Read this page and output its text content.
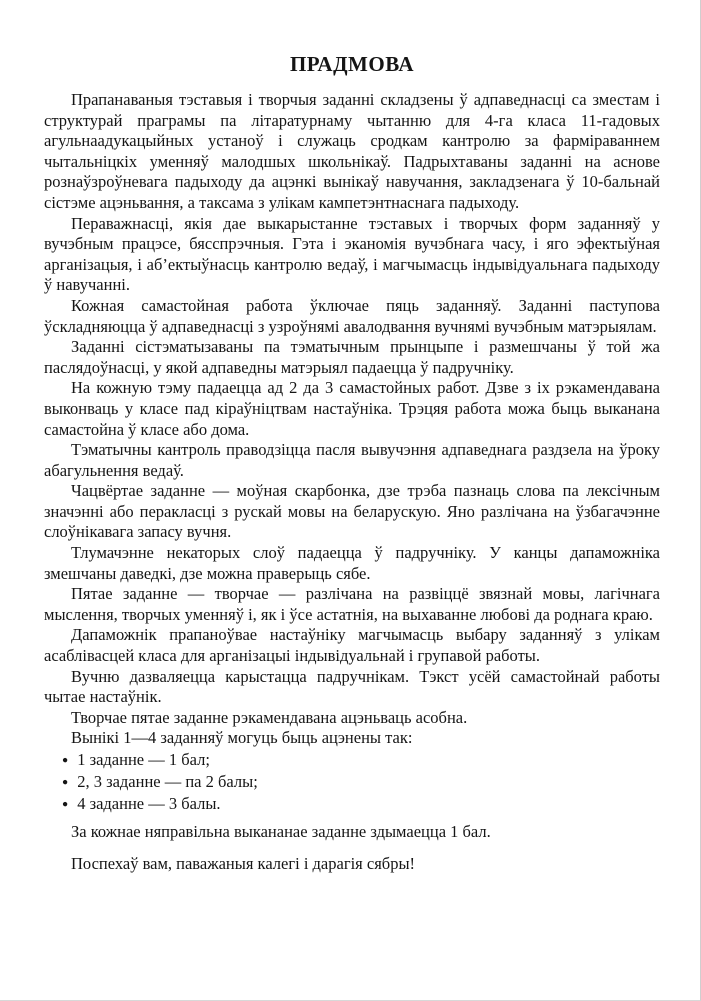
ПРАДМОВА

Прапанаваныя тэставыя і творчыя заданні складзены ў адпаведнасці са зместам і структурай праграмы па літаратурнаму чытанню для 4-га класа 11-гадовых агульнаадукацыйных устаноў і служаць сродкам кантролю за фарміраваннем чытальніцкіх уменняў малодшых школьнікаў. Падрыхтаваны заданні на аснове рознаўзроўневага падыходу да ацэнкі вынікаў навучання, закладзенага ў 10-бальнай сістэме ацэньвання, а таксама з улікам кампетэнтнаснага падыходу.

Пераважнасці, якія дае выкарыстанне тэставых і творчых форм заданняў у вучэбным працэсе, бясспрэчныя. Гэта і эканомія вучэбнага часу, і яго эфектыўная арганізацыя, і аб’ектыўнасць кантролю ведаў, і магчымасць індывідуальнага падыходу ў навучанні.

Кожная самастойная работа ўключае пяць заданняў. Заданні паступова ўскладняюцца ў адпаведнасці з узроўнямі авалодвання вучнямі вучэбным матэрыялам.

Заданні сістэматызаваны па тэматычным прынцыпе і размешчаны ў той жа паслядоўнасці, у якой адпаведны матэрыял падаецца ў падручніку.

На кожную тэму падаецца ад 2 да 3 самастойных работ. Дзве з іх рэкамендавана выконваць у класе пад кіраўніцтвам настаўніка. Трэцяя работа можа быць выканана самастойна ў класе або дома.

Тэматычны кантроль праводзіцца пасля вывучэння адпаведнага раздзела на ўроку абагульнення ведаў.

Чацвёртае заданне — моўная скарбонка, дзе трэба пазнаць слова па лексічным значэнні або перакласці з рускай мовы на беларускую. Яно разлічана на ўзбагачэнне слоўнікавага запасу вучня.

Тлумачэнне некаторых слоў падаецца ў падручніку. У канцы дапаможніка змешчаны даведкі, дзе можна праверыць сябе.

Пятае заданне — творчае — разлічана на развіццё звязнай мовы, лагічнага мыслення, творчых уменняў і, як і ўсе астатнія, на выхаванне любові да роднага краю.

Дапаможнік прапаноўвае настаўніку магчымасць выбару заданняў з улікам асаблівасцей класа для арганізацыі індывідуальнай і групавой работы.

Вучню дазваляецца карыстацца падручнікам. Тэкст усёй самастойнай работы чытае настаўнік.

Творчае пятае заданне рэкамендавана ацэньваць асобна.

Вынікі 1—4 заданняў могуць быць ацэнены так:

● 1 заданне — 1 бал;
● 2, 3 заданне — па 2 балы;
● 4 заданне — 3 балы.

За кожнае няправільна выкананае заданне здымаецца 1 бал.

Поспехаў вам, паважаныя калегі і дарагія сябры!
